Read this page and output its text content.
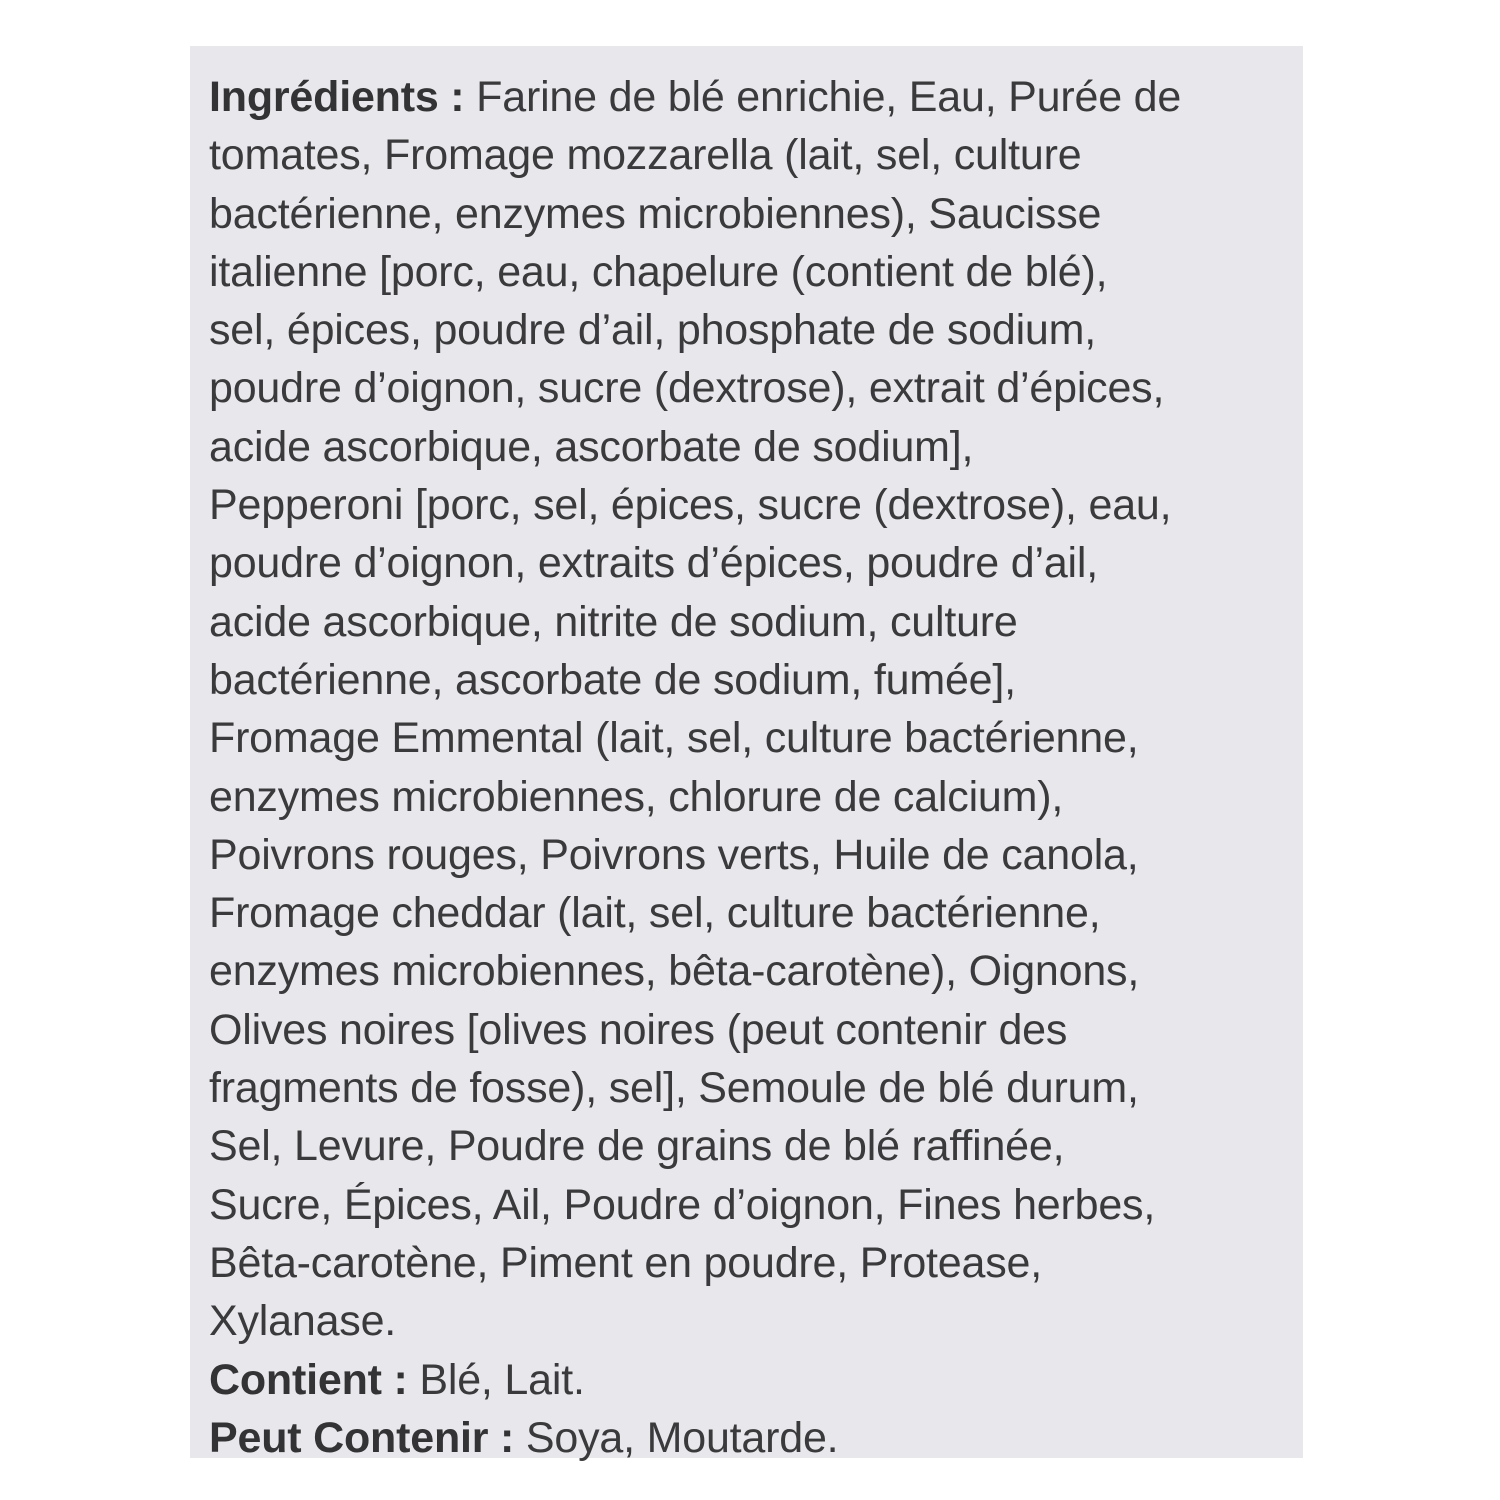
Ingrédients : Farine de blé enrichie, Eau, Purée de
tomates, Fromage mozzarella (lait, sel, culture
bactérienne, enzymes microbiennes), Saucisse
italienne [porc, eau, chapelure (contient de blé),
sel, épices, poudre d’ail, phosphate de sodium,
poudre d’oignon, sucre (dextrose), extrait d’épices,
acide ascorbique, ascorbate de sodium],
Pepperoni [porc, sel, épices, sucre (dextrose), eau,
poudre d’oignon, extraits d’épices, poudre d’ail,
acide ascorbique, nitrite de sodium, culture
bactérienne, ascorbate de sodium, fumée],
Fromage Emmental (lait, sel, culture bactérienne,
enzymes microbiennes, chlorure de calcium),
Poivrons rouges, Poivrons verts, Huile de canola,
Fromage cheddar (lait, sel, culture bactérienne,
enzymes microbiennes, bêta-carotène), Oignons,
Olives noires [olives noires (peut contenir des
fragments de fosse), sel], Semoule de blé durum,
Sel, Levure, Poudre de grains de blé raffinée,
Sucre, Épices, Ail, Poudre d’oignon, Fines herbes,
Bêta-carotène, Piment en poudre, Protease,
Xylanase.
Contient : Blé, Lait.
Peut Contenir : Soya, Moutarde.
